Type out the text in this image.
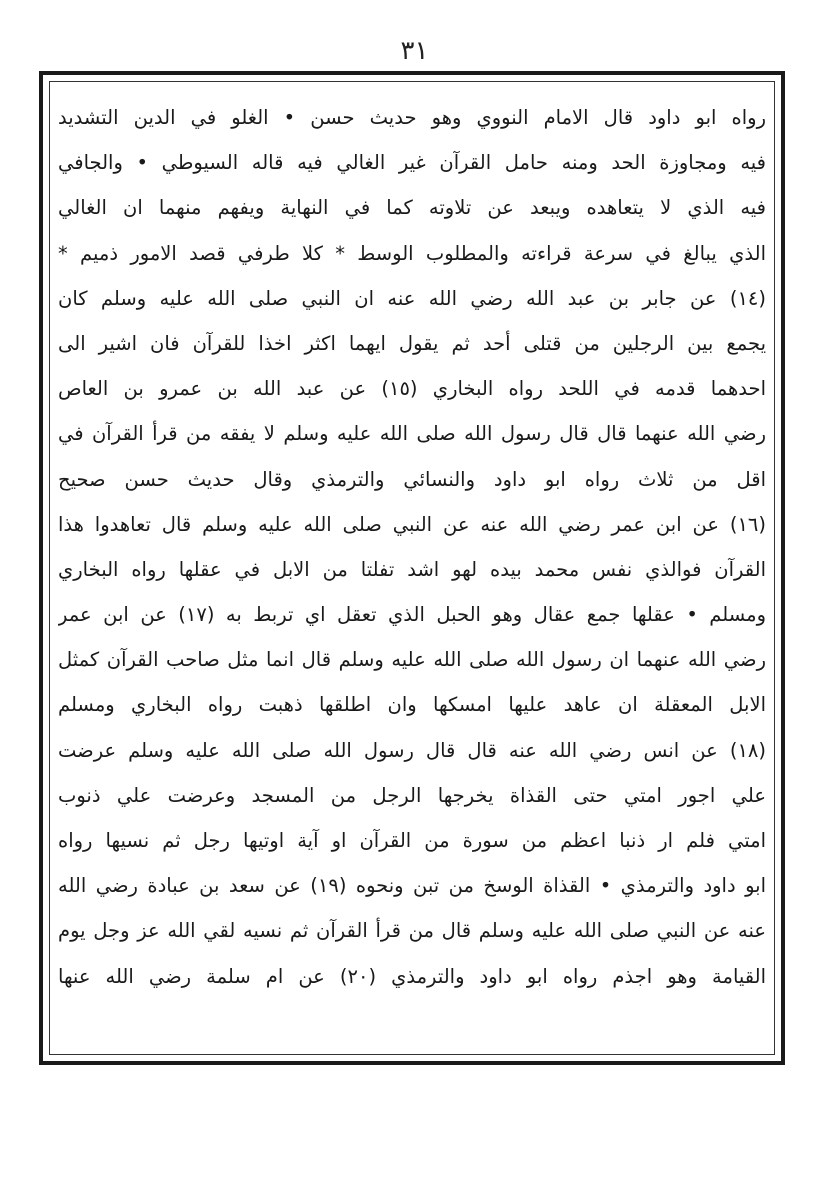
٣١
رواه ابو داود قال الامام النووي وهو حديث حسن • الغلو في الدين التشديد
فيه ومجاوزة الحد ومنه حامل القرآن غير الغالي فيه قاله السيوطي • والجافي
فيه الذي لا يتعاهده ويبعد عن تلاوته كما في النهاية ويفهم منهما ان الغالي
الذي يبالغ في سرعة قراءته والمطلوب الوسط * كلا طرفي قصد الامور ذميم *
(١٤) عن جابر بن عبد الله رضي الله عنه ان النبي صلى الله عليه وسلم كان
يجمع بين الرجلين من قتلى أحد ثم يقول ايهما اكثر اخذا للقرآن فان اشير الى
احدهما قدمه في اللحد رواه البخاري (١٥) عن عبد الله بن عمرو بن العاص
رضي الله عنهما قال قال رسول الله صلى الله عليه وسلم لا يفقه من قرأ القرآن في
اقل من ثلاث رواه ابو داود والنسائي والترمذي وقال حديث حسن صحيح
(١٦) عن ابن عمر رضي الله عنه عن النبي صلى الله عليه وسلم قال تعاهدوا هذا
القرآن فوالذي نفس محمد بيده لهو اشد تفلتا من الابل في عقلها رواه البخاري
ومسلم • عقلها جمع عقال وهو الحبل الذي تعقل اي تربط به (١٧) عن ابن عمر
رضي الله عنهما ان رسول الله صلى الله عليه وسلم قال انما مثل صاحب القرآن كمثل
الابل المعقلة ان عاهد عليها امسكها وان اطلقها ذهبت رواه البخاري ومسلم
(١٨) عن انس رضي الله عنه قال قال رسول الله صلى الله عليه وسلم عرضت
علي اجور امتي حتى القذاة يخرجها الرجل من المسجد وعرضت علي ذنوب
امتي فلم ار ذنبا اعظم من سورة من القرآن او آية اوتيها رجل ثم نسيها رواه
ابو داود والترمذي • القذاة الوسخ من تبن ونحوه (١٩) عن سعد بن عبادة رضي الله
عنه عن النبي صلى الله عليه وسلم قال من قرأ القرآن ثم نسيه لقي الله عز وجل يوم
القيامة وهو اجذم رواه ابو داود والترمذي (٢٠) عن ام سلمة رضي الله عنها
